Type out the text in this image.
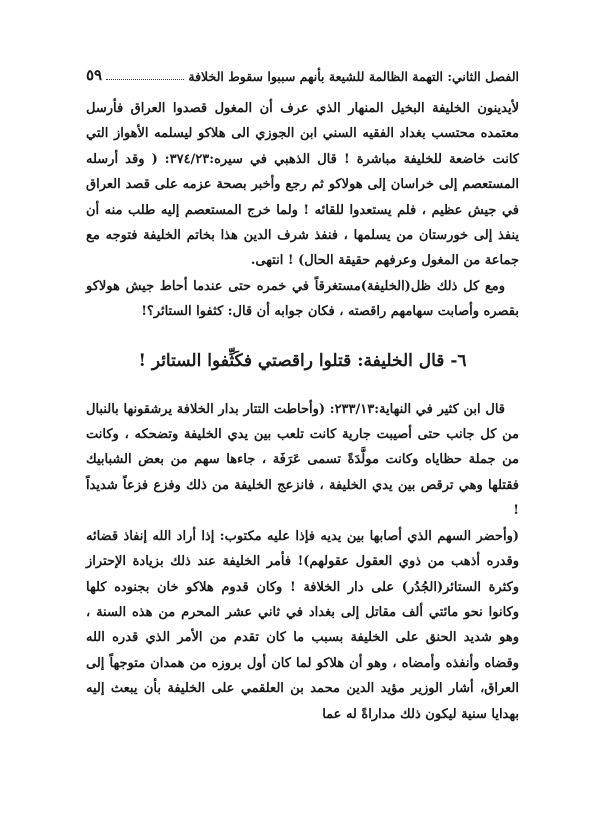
الفصل الثاني: التهمة الظالمة للشيعة بأنهم سببوا سقوط الخلافة
٥٩

لأيدينون الخليفة البخيل المنهار الذي عرف أن المغول قصدوا العراق فأرسل معتمده محتسب بغداد الفقيه السني ابن الجوزي الى هلاكو ليسلمه الأهواز التي كانت خاضعة للخليفة مباشرة ! قال الذهبي في سيره:٣٧٤/٢٣: ( وقد أرسله المستعصم إلى خراسان إلى هولاكو ثم رجع وأخبر بصحة عزمه على قصد العراق في جيش عظيم ، فلم يستعدوا للقائه ! ولما خرج المستعصم إليه طلب منه أن ينفذ إلى خورستان من يسلمها ، فنفذ شرف الدين هذا بخاتم الخليفة فتوجه مع جماعة من المغول وعرفهم حقيقة الحال) ! انتهى.

ومع كل ذلك ظل(الخليفة)مستغرقاً في خمره حتى عندما أحاط جيش هولاكو بقصره وأصابت سهامهم راقصته ، فكان جوابه أن قال: كثفوا الستائر؟!

٦- قال الخليفة: قتلوا راقصتي فكَثِّفوا الستائر !

قال ابن كثير في النهاية:٢٣٣/١٣: (وأحاطت التتار بدار الخلافة يرشقونها بالنبال من كل جانب حتى أصيبت جارية كانت تلعب بين يدي الخليفة وتضحكه ، وكانت من جملة حظاياه وكانت مولَّدَةً تسمى عَرَفَة ، جاءها سهم من بعض الشبابيك فقتلها وهي ترقص بين يدي الخليفة ، فانزعج الخليفة من ذلك وفزع فزعاً شديداً !

(وأحضر السهم الذي أصابها بين يديه فإذا عليه مكتوب: إذا أراد الله إنفاذ قضائه وقدره أذهب من ذوي العقول عقولهم)! فأمر الخليفة عند ذلك بزيادة الإحتراز وكثرة الستائر(الجُدُر) على دار الخلافة ! وكان قدوم هلاكو خان بجنوده كلها وكانوا نحو مائتي ألف مقاتل إلى بغداد في ثاني عشر المحرم من هذه السنة ، وهو شديد الحنق على الخليفة بسبب ما كان تقدم من الأمر الذي قدره الله وقضاه وأنفذه وأمضاه ، وهو أن هلاكو لما كان أول بروزه من همدان متوجهاً إلى العراق، أشار الوزير مؤيد الدين محمد بن العلقمي على الخليفة بأن يبعث إليه بهدايا سنية ليكون ذلك مداراةً له عما
